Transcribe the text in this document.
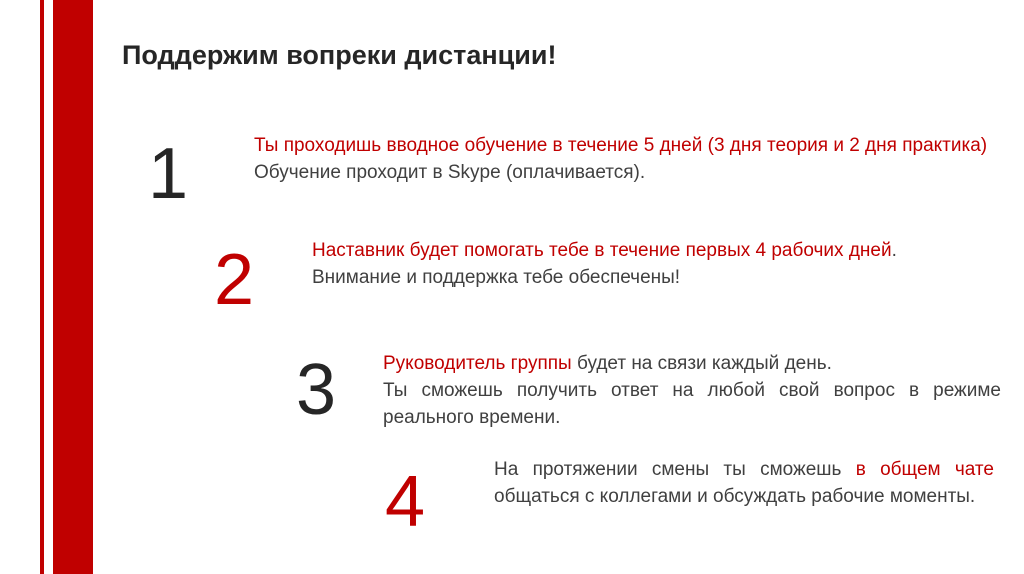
Поддержим вопреки дистанции!
1	Ты проходишь вводное обучение в течение 5 дней (3 дня теория и 2 дня практика)
Обучение проходит в Skype (оплачивается).
2	Наставник будет помогать тебе в течение первых 4 рабочих дней.
Внимание и поддержка тебе обеспечены!
3 Руководитель группы будет на связи каждый день.
Ты сможешь получить ответ на любой свой вопрос в режиме реального времени.
4	На протяжении смены ты сможешь в общем чате общаться с коллегами и обсуждать рабочие моменты.
